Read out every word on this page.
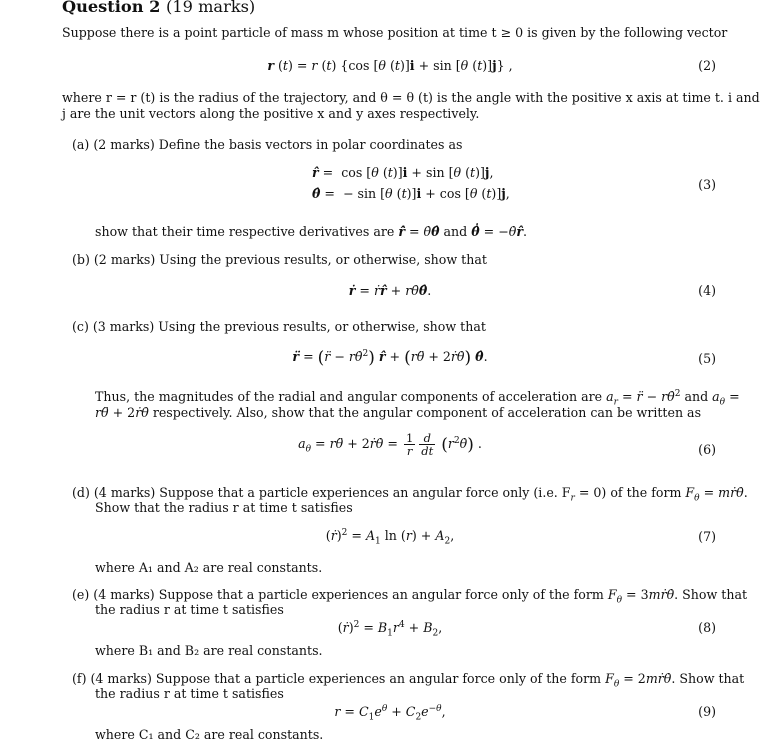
Question 2 (19 marks)
Suppose there is a point particle of mass m whose position at time t ≥ 0 is given by the following vector
r (t) = r (t) {cos [θ (t)]i + sin [θ (t)]j} ,	(2)
where r = r (t) is the radius of the trajectory, and θ = θ (t) is the angle with the positive x axis at time t. i and
j are the unit vectors along the positive x and y axes respectively.
(a) (2 marks) Define the basis vectors in polar coordinates as
r̂ =  cos [θ (t)]i + sin [θ (t)]j,
θ̂ =  − sin [θ (t)]i + cos [θ (t)]j,
(3)
show that their time respective derivatives are r̂̇ = θ̇θ̂ and θ̂̇ = −θ̇r̂.
(b) (2 marks) Using the previous results, or otherwise, show that
ṙ = ṙr̂ + rθ̇θ̂.	(4)
(c) (3 marks) Using the previous results, or otherwise, show that
r̈ = (r̈ − rθ̇$^2$) r̂ + (rθ̈ + 2ṙθ̇) θ̂.	(5)
Thus, the magnitudes of the radial and angular components of acceleration are $a_r$ = r̈ − rθ̇$^2$ and $a_\theta$ =
rθ̈ + 2ṙθ̇ respectively. Also, show that the angular component of acceleration can be written as
$a_\theta$ = rθ̈ + 2ṙθ̇ = $\frac{1}{r} \frac{d}{dt}$ $(r^2\thetȧ)$ .	(6)
(d) (4 marks) Suppose that a particle experiences an angular force only (i.e. $F_r = 0$) of the form $F_\theta$ = mṙθ̇.
Show that the radius r at time t satisfies
(ṙ)$^2$ = $A_1$ $\ln (r) + A_2$,	(7)
where A₁ and A₂ are real constants.
(e) (4 marks) Suppose that a particle experiences an angular force only of the form $F_\theta$ = 3mṙθ̇. Show that
the radius r at time t satisfies
(ṙ)$^2$ = $B_1r^4 + B_2$,	(8)
where B₁ and B₂ are real constants.
(f) (4 marks) Suppose that a particle experiences an angular force only of the form $F_\theta$ = 2mṙθ̇. Show that
the radius r at time t satisfies
$r = C_1e^\theta + C_2e^{-\theta}$,	(9)
where C₁ and C₂ are real constants.
